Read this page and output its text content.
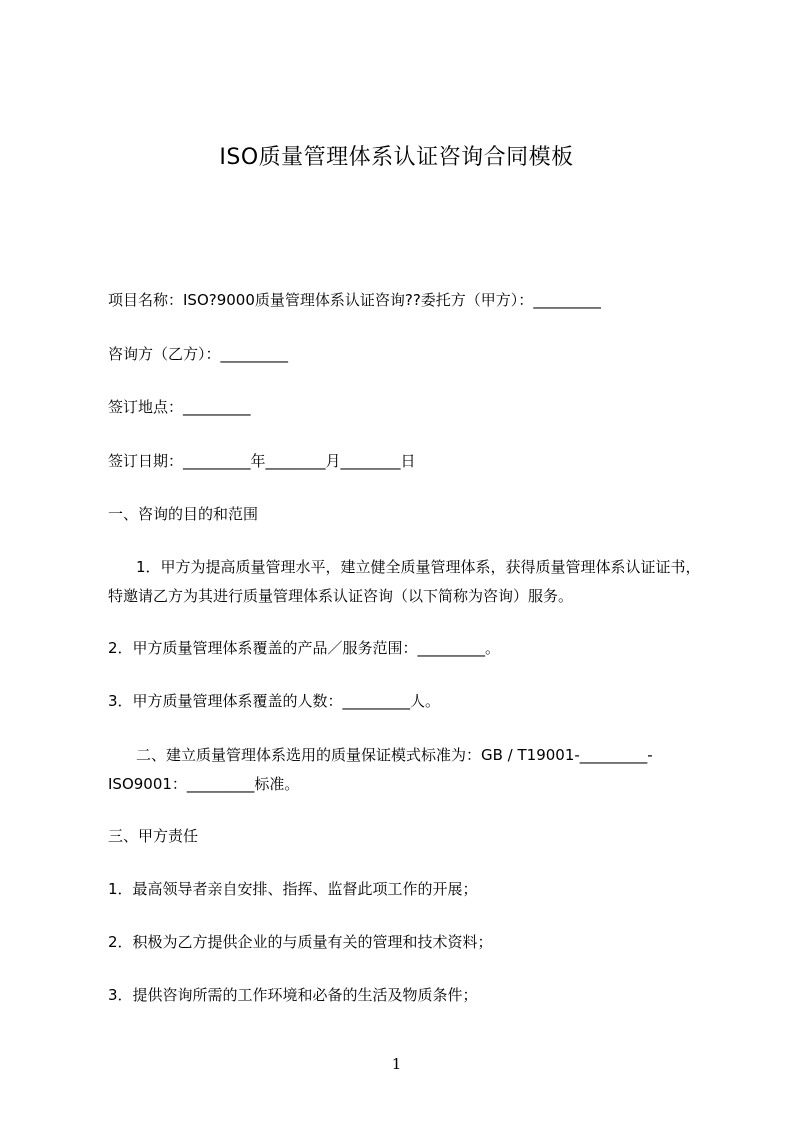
ISO质量管理体系认证咨询合同模板
项目名称：ISO?9000质量管理体系认证咨询??委托方（甲方）：_________
咨询方（乙方）：_________
签订地点：_________
签订日期：_________年________月________日
一、咨询的目的和范围
1．甲方为提高质量管理水平，建立健全质量管理体系，获得质量管理体系认证证书，特邀请乙方为其进行质量管理体系认证咨询（以下简称为咨询）服务。
2．甲方质量管理体系覆盖的产品／服务范围：_________。
3．甲方质量管理体系覆盖的人数：_________人。
二、建立质量管理体系选用的质量保证模式标准为：GB / T19001-_________-ISO9001：_________标准。
三、甲方责任
1．最高领导者亲自安排、指挥、监督此项工作的开展；
2．积极为乙方提供企业的与质量有关的管理和技术资料；
3．提供咨询所需的工作环境和必备的生活及物质条件；
1
